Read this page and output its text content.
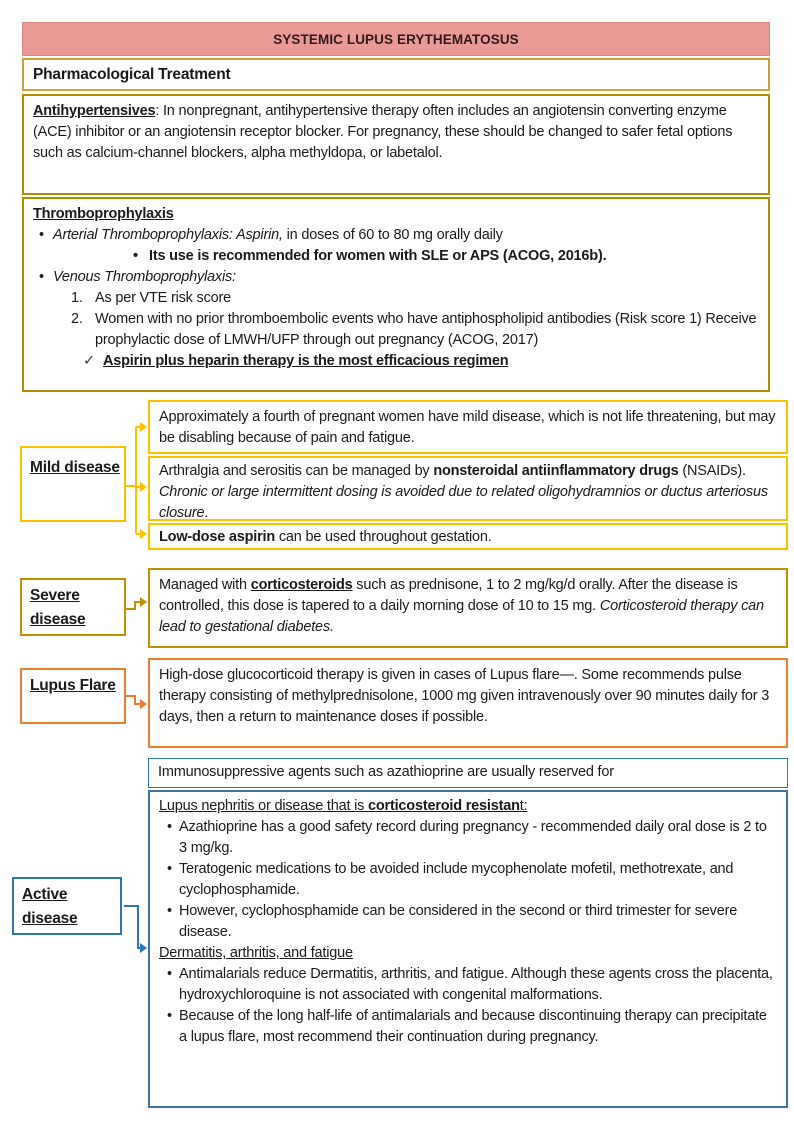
SYSTEMIC LUPUS ERYTHEMATOSUS
Pharmacological Treatment
Antihypertensives: In nonpregnant, antihypertensive therapy often includes an angiotensin converting enzyme (ACE) inhibitor or an angiotensin receptor blocker. For pregnancy, these should be changed to safer fetal options such as calcium-channel blockers, alpha methyldopa, or labetalol.
Thromboprophylaxis
• Arterial Thromboprophylaxis: Aspirin, in doses of 60 to 80 mg orally daily
• Its use is recommended for women with SLE or APS (ACOG, 2016b).
• Venous Thromboprophylaxis:
1. As per VTE risk score
2. Women with no prior thromboembolic events who have antiphospholipid antibodies (Risk score 1) Receive prophylactic dose of LMWH/UFP through out pregnancy (ACOG, 2017)
✓ Aspirin plus heparin therapy is the most efficacious regimen
Approximately a fourth of pregnant women have mild disease, which is not life threatening, but may be disabling because of pain and fatigue.
Arthralgia and serositis can be managed by nonsteroidal antiinflammatory drugs (NSAIDs). Chronic or large intermittent dosing is avoided due to related oligohydramnios or ductus arteriosus closure.
Low-dose aspirin can be used throughout gestation.
Mild disease
Managed with corticosteroids such as prednisone, 1 to 2 mg/kg/d orally. After the disease is controlled, this dose is tapered to a daily morning dose of 10 to 15 mg. Corticosteroid therapy can lead to gestational diabetes.
Severe disease
High-dose glucocorticoid therapy is given in cases of Lupus flare—. Some recommends pulse therapy consisting of methylprednisolone, 1000 mg given intravenously over 90 minutes daily for 3 days, then a return to maintenance doses if possible.
Lupus Flare
Immunosuppressive agents such as azathioprine are usually reserved for
Lupus nephritis or disease that is corticosteroid resistant:
• Azathioprine has a good safety record during pregnancy - recommended daily oral dose is 2 to 3 mg/kg.
• Teratogenic medications to be avoided include mycophenolate mofetil, methotrexate, and cyclophosphamide.
• However, cyclophosphamide can be considered in the second or third trimester for severe disease.
Dermatitis, arthritis, and fatigue
• Antimalarials reduce Dermatitis, arthritis, and fatigue. Although these agents cross the placenta, hydroxychloroquine is not associated with congenital malformations.
• Because of the long half-life of antimalarials and because discontinuing therapy can precipitate a lupus flare, most recommend their continuation during pregnancy.
Active disease
